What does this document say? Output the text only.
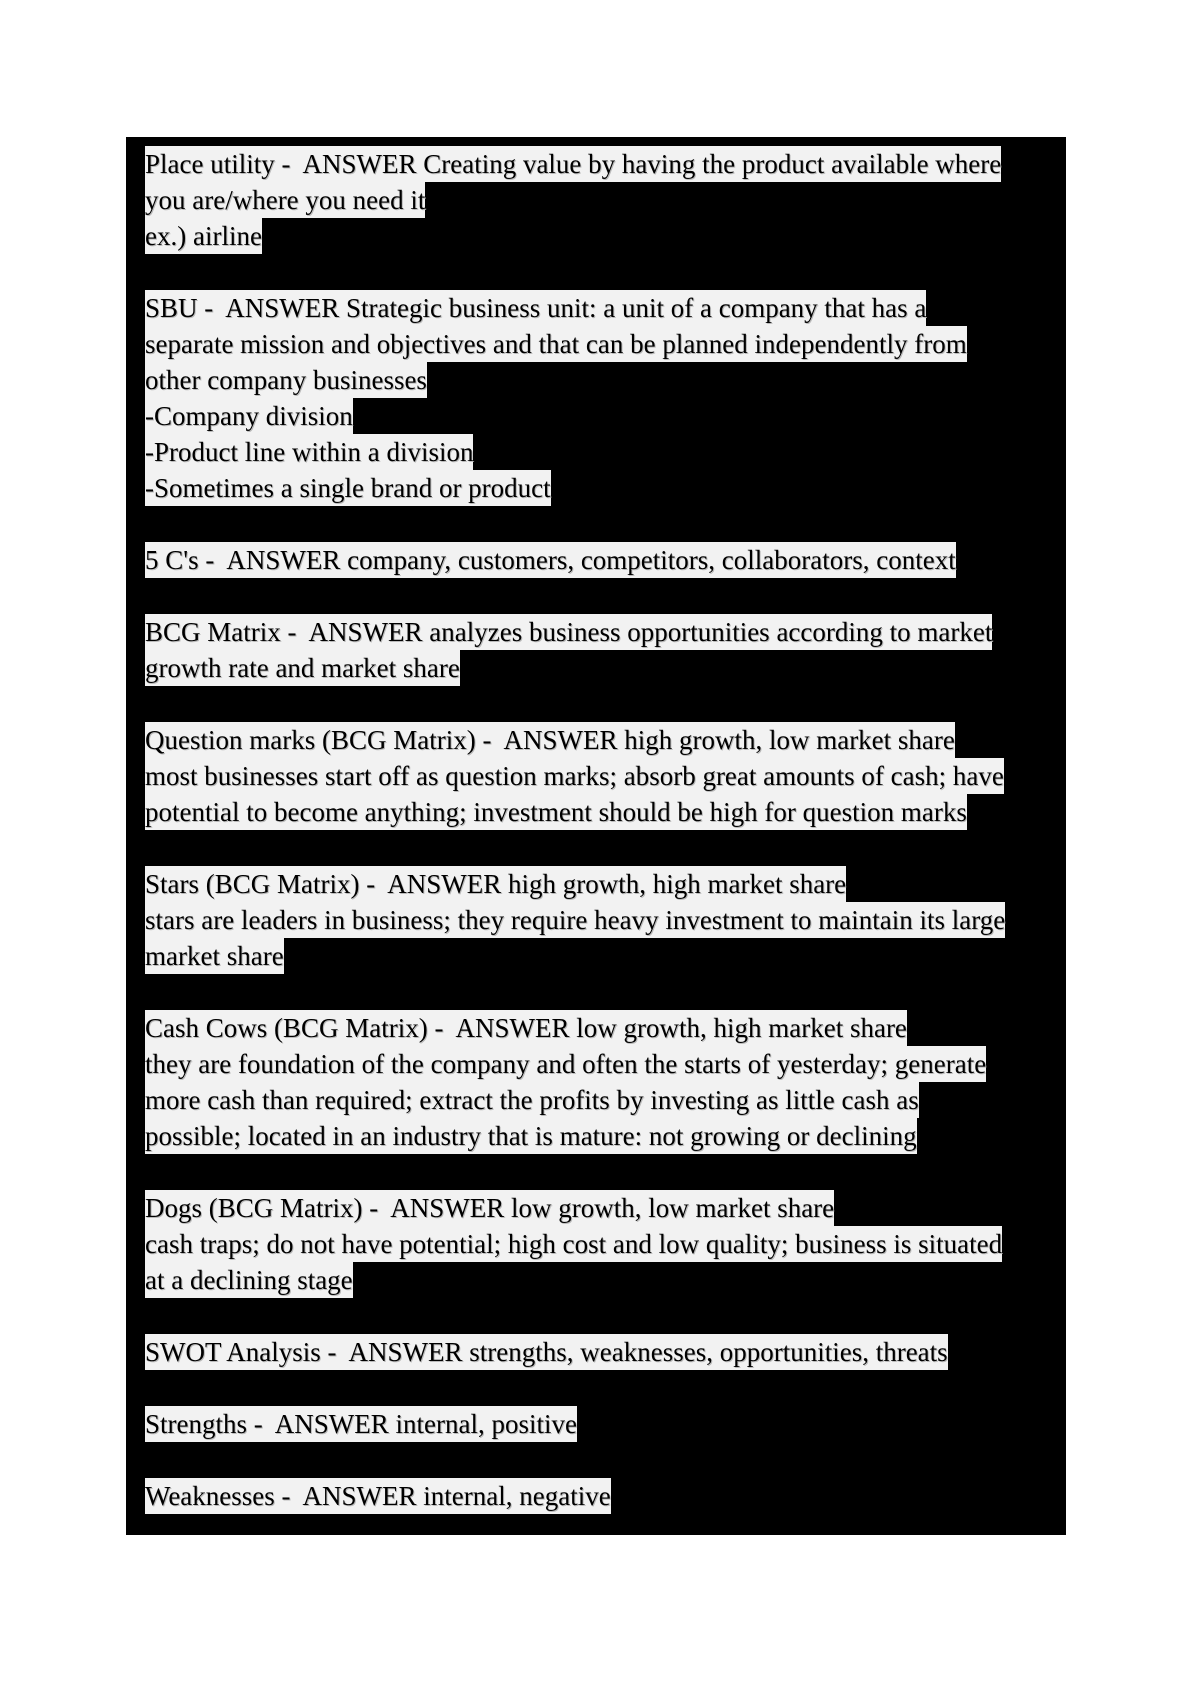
Place utility -  ANSWER Creating value by having the product available where
you are/where you need it
ex.) airline
SBU -  ANSWER Strategic business unit: a unit of a company that has a
separate mission and objectives and that can be planned independently from
other company businesses
-Company division
-Product line within a division
-Sometimes a single brand or product
5 C's -  ANSWER company, customers, competitors, collaborators, context
BCG Matrix -  ANSWER analyzes business opportunities according to market
growth rate and market share
Question marks (BCG Matrix) -  ANSWER high growth, low market share
most businesses start off as question marks; absorb great amounts of cash; have
potential to become anything; investment should be high for question marks
Stars (BCG Matrix) -  ANSWER high growth, high market share
stars are leaders in business; they require heavy investment to maintain its large
market share
Cash Cows (BCG Matrix) -  ANSWER low growth, high market share
they are foundation of the company and often the starts of yesterday; generate
more cash than required; extract the profits by investing as little cash as
possible; located in an industry that is mature: not growing or declining
Dogs (BCG Matrix) -  ANSWER low growth, low market share
cash traps; do not have potential; high cost and low quality; business is situated
at a declining stage
SWOT Analysis -  ANSWER strengths, weaknesses, opportunities, threats
Strengths -  ANSWER internal, positive
Weaknesses -  ANSWER internal, negative
